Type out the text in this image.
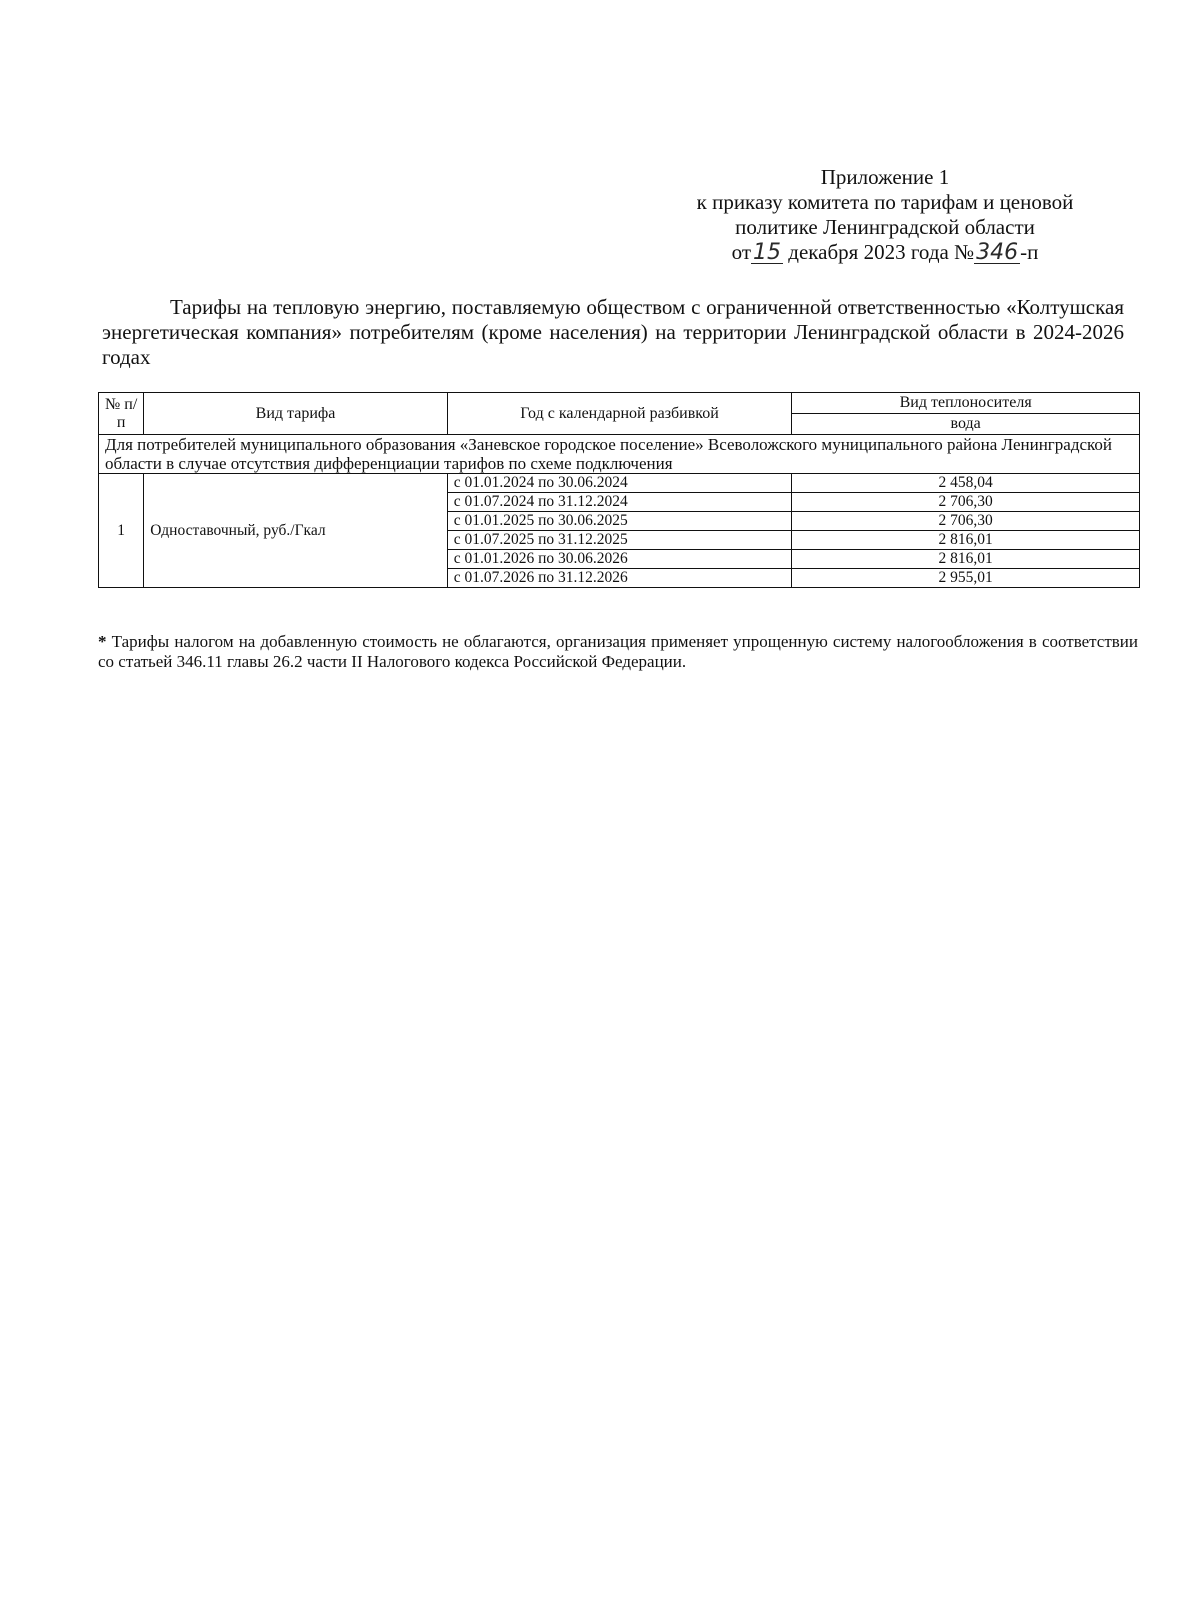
Приложение 1
к приказу комитета по тарифам и ценовой
политике Ленинградской области
от15 декабря 2023 года №346-п
Тарифы на тепловую энергию, поставляемую обществом с ограниченной ответственностью «Колтушская энергетическая компания» потребителям (кроме населения) на территории Ленинградской области в 2024-2026 годах
№ п/п	Вид тарифа	Год с календарной разбивкой	Вид теплоносителя
			вода
Для потребителей муниципального образования «Заневское городское поселение» Всеволожского муниципального района Ленинградской области в случае отсутствия дифференциации тарифов по схеме подключения			
1	Одноставочный, руб./Гкал	с 01.01.2024 по 30.06.2024	2 458,04
		с 01.07.2024 по 31.12.2024	2 706,30
		с 01.01.2025 по 30.06.2025	2 706,30
		с 01.07.2025 по 31.12.2025	2 816,01
		с 01.01.2026 по 30.06.2026	2 816,01
		с 01.07.2026 по 31.12.2026	2 955,01
* Тарифы налогом на добавленную стоимость не облагаются, организация применяет упрощенную систему налогообложения в соответствии со статьей 346.11 главы 26.2 части II Налогового кодекса Российской Федерации.
